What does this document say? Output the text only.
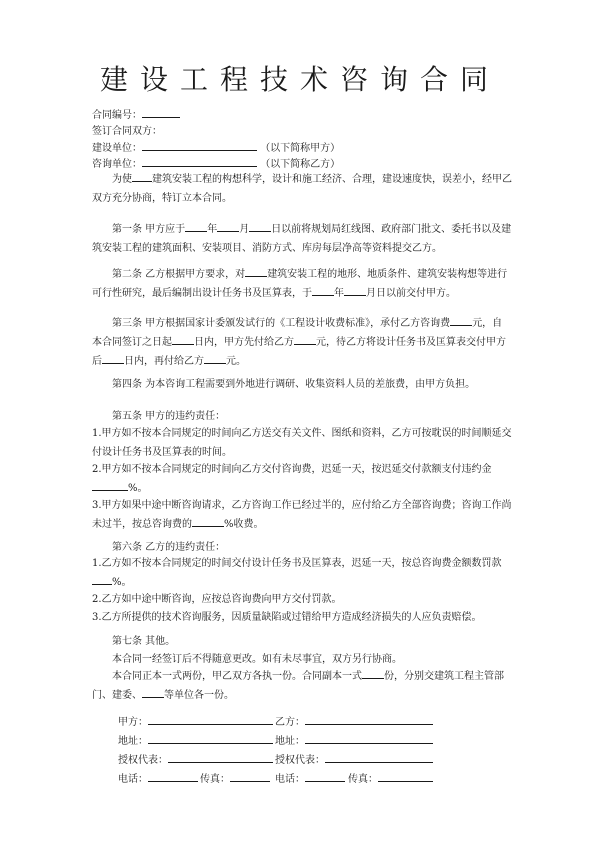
建设工程技术咨询合同
合同编号：
签订合同双方：
建设单位：	（以下简称甲方）
咨询单位：	（以下简称乙方）
为使 建筑安装工程的构想科学，设计和施工经济、合理，建设速度快，误差小，经甲乙双方充分协商，特订立本合同。
第一条 甲方应于 年 月 日以前将规划局红线图、政府部门批文、委托书以及建筑安装工程的建筑面积、安装项目、消防方式、库房每层净高等资料提交乙方。
第二条 乙方根据甲方要求，对 建筑安装工程的地形、地质条件、建筑安装构想等进行可行性研究，最后编制出设计任务书及匡算表，于 年 月日以前交付甲方。
第三条 甲方根据国家计委颁发试行的《工程设计收费标准》，承付乙方咨询费 元，自本合同签订之日起 日内，甲方先付给乙方 元，待乙方将设计任务书及匡算表交付甲方后 日内，再付给乙方 元。
第四条 为本咨询工程需要到外地进行调研、收集资料人员的差旅费，由甲方负担。
第五条 甲方的违约责任：
1.甲方如不按本合同规定的时间向乙方送交有关文件、图纸和资料，乙方可按耽误的时间顺延交付设计任务书及匡算表的时间。
2.甲方如不按本合同规定的时间向乙方交付咨询费，迟延一天，按迟延交付款额支付违约金%。
3.甲方如果中途中断咨询请求，乙方咨询工作已经过半的，应付给乙方全部咨询费；咨询工作尚未过半，按总咨询费的	%收费。
第六条 乙方的违约责任：
1.乙方如不按本合同规定的时间交付设计任务书及匡算表，迟延一天，按总咨询费金额数罚款%。
2.乙方如中途中断咨询，应按总咨询费向甲方交付罚款。
3.乙方所提供的技术咨询服务，因质量缺陷或过错给甲方造成经济损失的人应负责赔偿。
第七条 其他。
本合同一经签订后不得随意更改。如有未尽事宜，双方另行协商。
本合同正本一式两份，甲乙双方各执一份。合同副本一式 份，分别交建筑工程主管部门、建委、 等单位各一份。
甲方：	乙方：
地址：	地址：
授权代表：	授权代表：
电话：	传真：	电话：	传真：
